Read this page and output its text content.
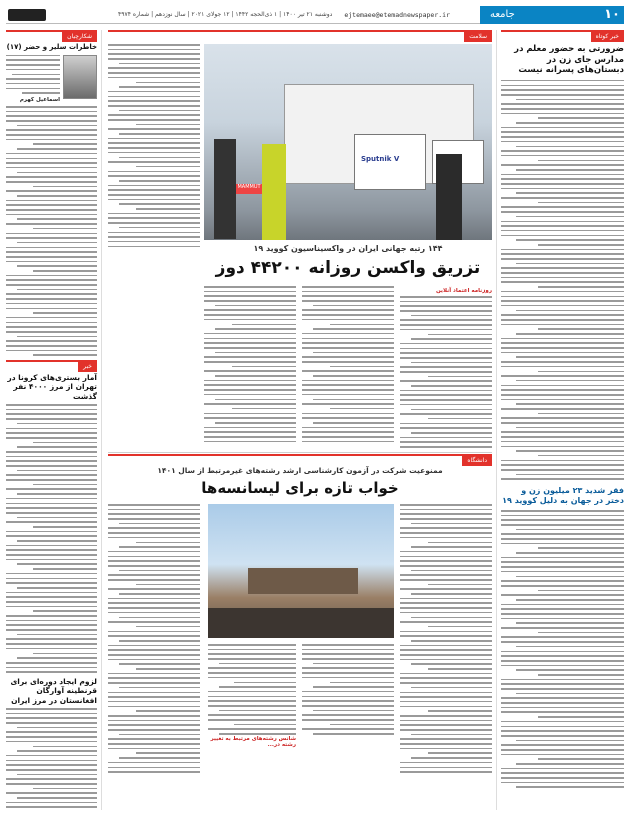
۱۰
جامعه
ejtemaee@etemadnewspaper.ir
دوشنبه ۲۱ تیر ۱۴۰۰ | ۱ ذی‌الحجه ۱۴۴۲ | ۱۲ جولای ۲۰۲۱ | سال نوزدهم | شماره ۴۹۷۴
خبر کوتاه
ضرورتی به حضور معلم در مدارس جای زن در دبستان‌های پسرانه نیست
فقر شدید ۲۳ میلیون زن و دختر در جهان به دلیل کووید ۱۹
شکارچیان
خاطرات سلیر و حضر (۱۷)
اسماعیل کهرم
خبر
آمار بستری‌های کرونا در تهران از مرز ۴۰۰۰ نفر گذشت
لزوم ایجاد دوره‌ای برای قرنطینه آوارگان افغانستان در مرز ایران
سلامت
Sputnik V
MAMMUT
۱۴۴ رتبه جهانی ایران در واکسیناسیون کووید ۱۹
تزریق واکسن روزانه ۴۴۲۰۰ دوز
روزنامه اعتماد آنلاین
دانشگاه
ممنوعیت شرکت در آزمون کارشناسی ارشد رشته‌های غیرمرتبط از سال ۱۴۰۱
خواب تازه برای لیسانسه‌ها
شانس رشته‌های مرتبط به تغییر رشته در...
